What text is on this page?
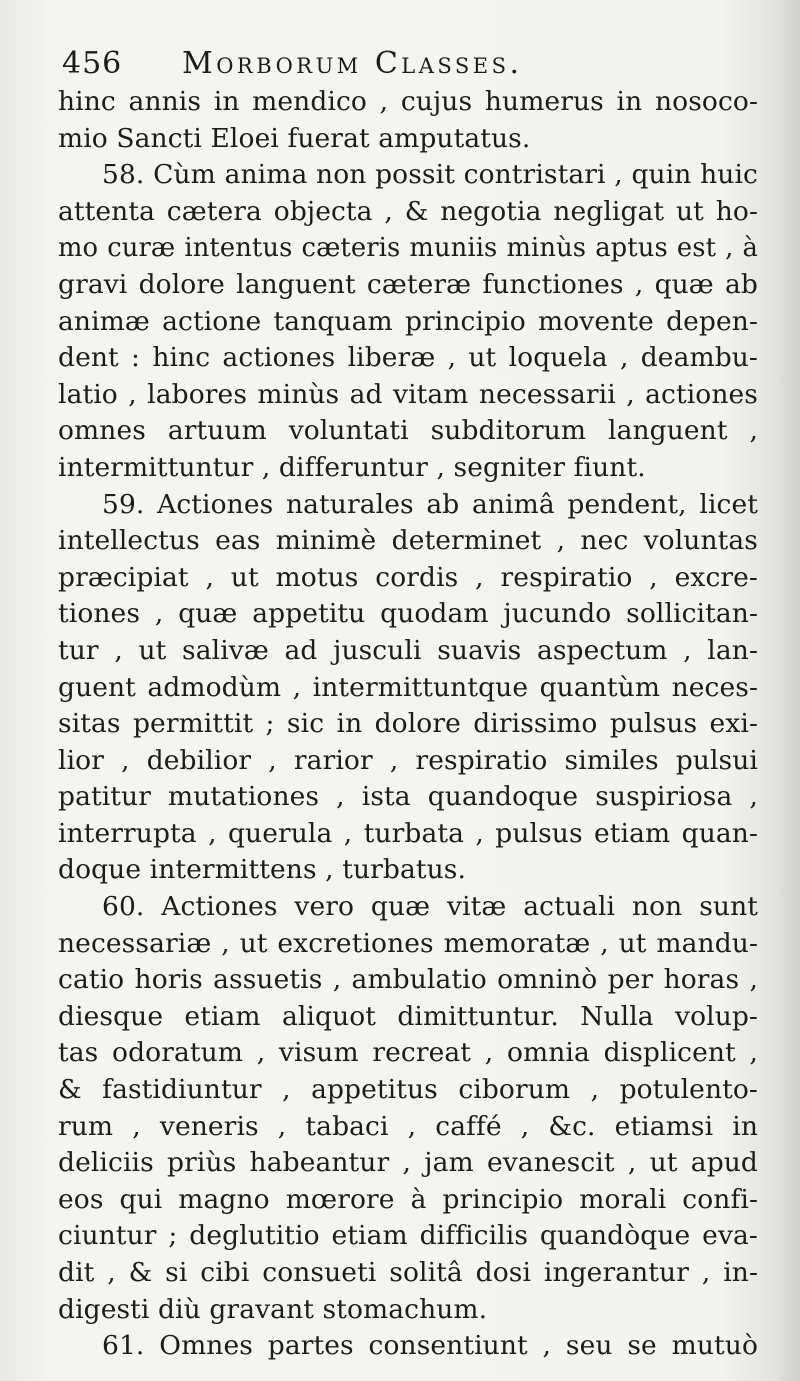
456 Morborum Classes.
hinc annis in mendico , cujus humerus in nosoco-
mio Sancti Eloei fuerat amputatus.
58. Cùm anima non possit contristari , quin huic
attenta cætera objecta , & negotia negligat ut ho-
mo curæ intentus cæteris muniis minùs aptus est , à
gravi dolore languent cæteræ functiones , quæ ab
animæ actione tanquam principio movente depen-
dent : hinc actiones liberæ , ut loquela , deambu-
latio , labores minùs ad vitam necessarii , actiones
omnes artuum voluntati subditorum languent ,
intermittuntur , differuntur , segniter fiunt.
59. Actiones naturales ab animâ pendent, licet
intellectus eas minimè determinet , nec voluntas
præcipiat , ut motus cordis , respiratio , excre-
tiones , quæ appetitu quodam jucundo sollicitan-
tur , ut salivæ ad jusculi suavis aspectum , lan-
guent admodùm , intermittuntque quantùm neces-
sitas permittit ; sic in dolore dirissimo pulsus exi-
lior , debilior , rarior , respiratio similes pulsui
patitur mutationes , ista quandoque suspiriosa ,
interrupta , querula , turbata , pulsus etiam quan-
doque intermittens , turbatus.
60. Actiones vero quæ vitæ actuali non sunt
necessariæ , ut excretiones memoratæ , ut mandu-
catio horis assuetis , ambulatio omninò per horas ,
diesque etiam aliquot dimittuntur. Nulla volup-
tas odoratum , visum recreat , omnia displicent ,
& fastidiuntur , appetitus ciborum , potulento-
rum , veneris , tabaci , caffé , &c. etiamsi in
deliciis priùs habeantur , jam evanescit , ut apud
eos qui magno mœrore à principio morali confi-
ciuntur ; deglutitio etiam difficilis quandòque eva-
dit , & si cibi consueti solitâ dosi ingerantur , in-
digesti diù gravant stomachum.
61. Omnes partes consentiunt , seu se mutuò
